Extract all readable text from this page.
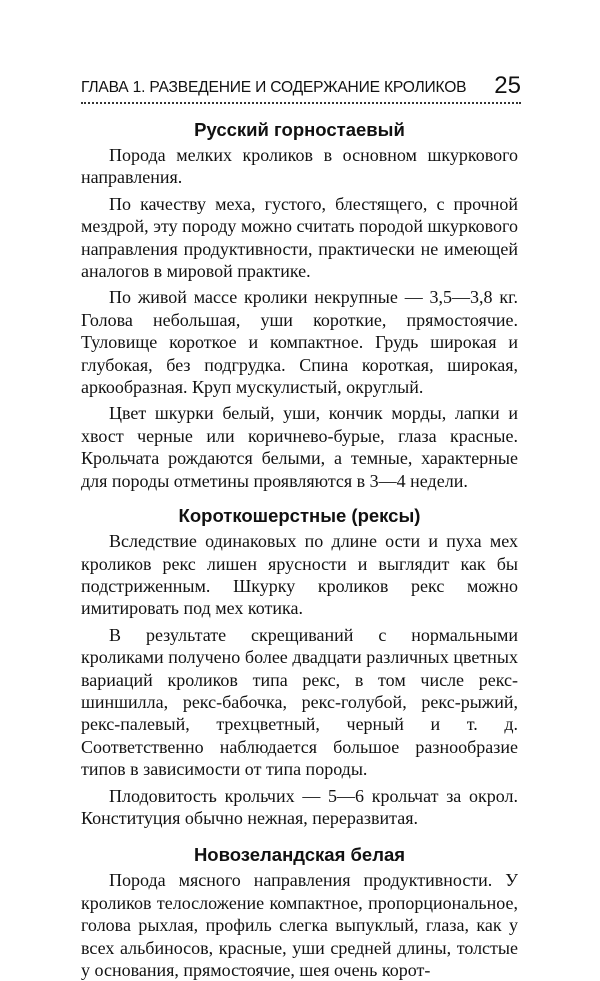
ГЛАВА 1. РАЗВЕДЕНИЕ И СОДЕРЖАНИЕ КРОЛИКОВ 25
Русский горностаевый

Порода мелких кроликов в основном шкуркового направления.

По качеству меха, густого, блестящего, с прочной мездрой, эту породу можно считать породой шкуркового направления продуктивности, практически не имеющей аналогов в мировой практике.

По живой массе кролики некрупные — 3,5—3,8 кг. Голова небольшая, уши короткие, прямостоячие. Туловище короткое и компактное. Грудь широкая и глубокая, без подгрудка. Спина короткая, широкая, аркообразная. Круп мускулистый, округлый.

Цвет шкурки белый, уши, кончик морды, лапки и хвост черные или коричнево-бурые, глаза красные. Крольчата рождаются белыми, а темные, характерные для породы отметины проявляются в 3—4 недели.

Короткошерстные (рексы)

Вследствие одинаковых по длине ости и пуха мех кроликов рекс лишен ярусности и выглядит как бы подстриженным. Шкурку кроликов рекс можно имитировать под мех котика.

В результате скрещиваний с нормальными кроликами получено более двадцати различных цветных вариаций кроликов типа рекс, в том числе рекс-шиншилла, рекс-бабочка, рекс-голубой, рекс-рыжий, рекс-палевый, трехцветный, черный и т. д. Соответственно наблюдается большое разнообразие типов в зависимости от типа породы.

Плодовитость крольчих — 5—6 крольчат за окрол. Конституция обычно нежная, переразвитая.

Новозеландская белая

Порода мясного направления продуктивности. У кроликов телосложение компактное, пропорциональное, голова рыхлая, профиль слегка выпуклый, глаза, как у всех альбиносов, красные, уши средней длины, толстые у основания, прямостоячие, шея очень корот-
